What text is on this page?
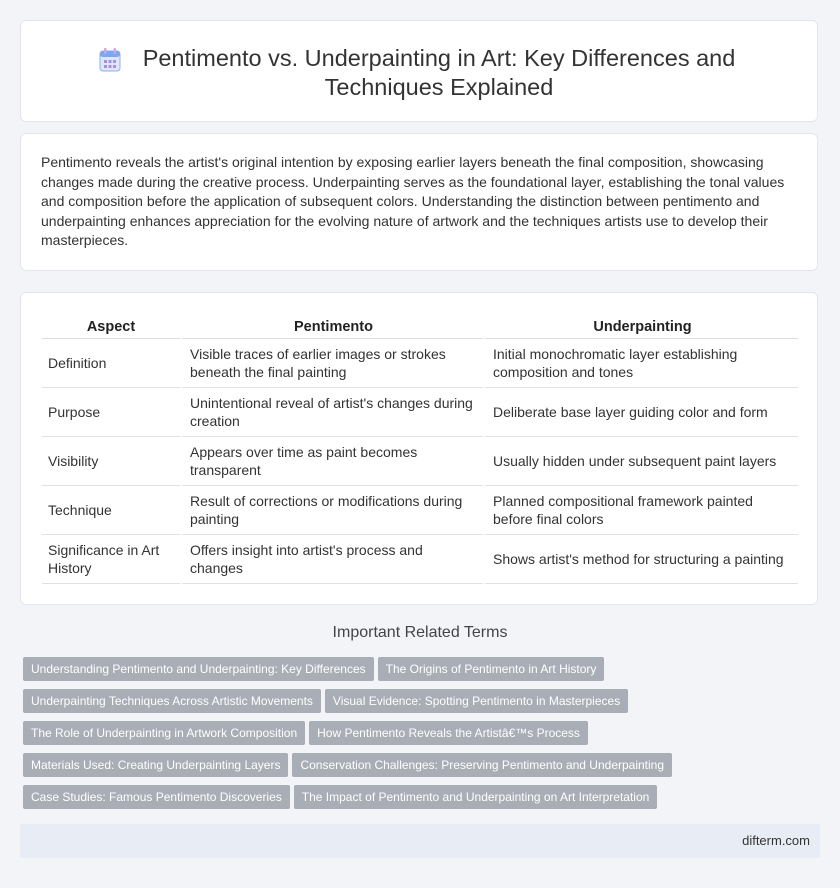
Pentimento vs. Underpainting in Art: Key Differences and Techniques Explained

Pentimento reveals the artist's original intention by exposing earlier layers beneath the final composition, showcasing changes made during the creative process. Underpainting serves as the foundational layer, establishing the tonal values and composition before the application of subsequent colors. Understanding the distinction between pentimento and underpainting enhances appreciation for the evolving nature of artwork and the techniques artists use to develop their masterpieces.

Aspect	Pentimento	Underpainting
Definition	Visible traces of earlier images or strokes beneath the final painting	Initial monochromatic layer establishing composition and tones
Purpose	Unintentional reveal of artist's changes during creation	Deliberate base layer guiding color and form
Visibility	Appears over time as paint becomes transparent	Usually hidden under subsequent paint layers
Technique	Result of corrections or modifications during painting	Planned compositional framework painted before final colors
Significance in Art History	Offers insight into artist's process and changes	Shows artist's method for structuring a painting
Important Related Terms
Understanding Pentimento and Underpainting: Key Differences The Origins of Pentimento in Art History
Underpainting Techniques Across Artistic Movements Visual Evidence: Spotting Pentimento in Masterpieces
The Role of Underpainting in Artwork Composition How Pentimento Reveals the Artistâ€™s Process
Materials Used: Creating Underpainting Layers Conservation Challenges: Preserving Pentimento and Underpainting
Case Studies: Famous Pentimento Discoveries The Impact of Pentimento and Underpainting on Art Interpretation
difterm.com
